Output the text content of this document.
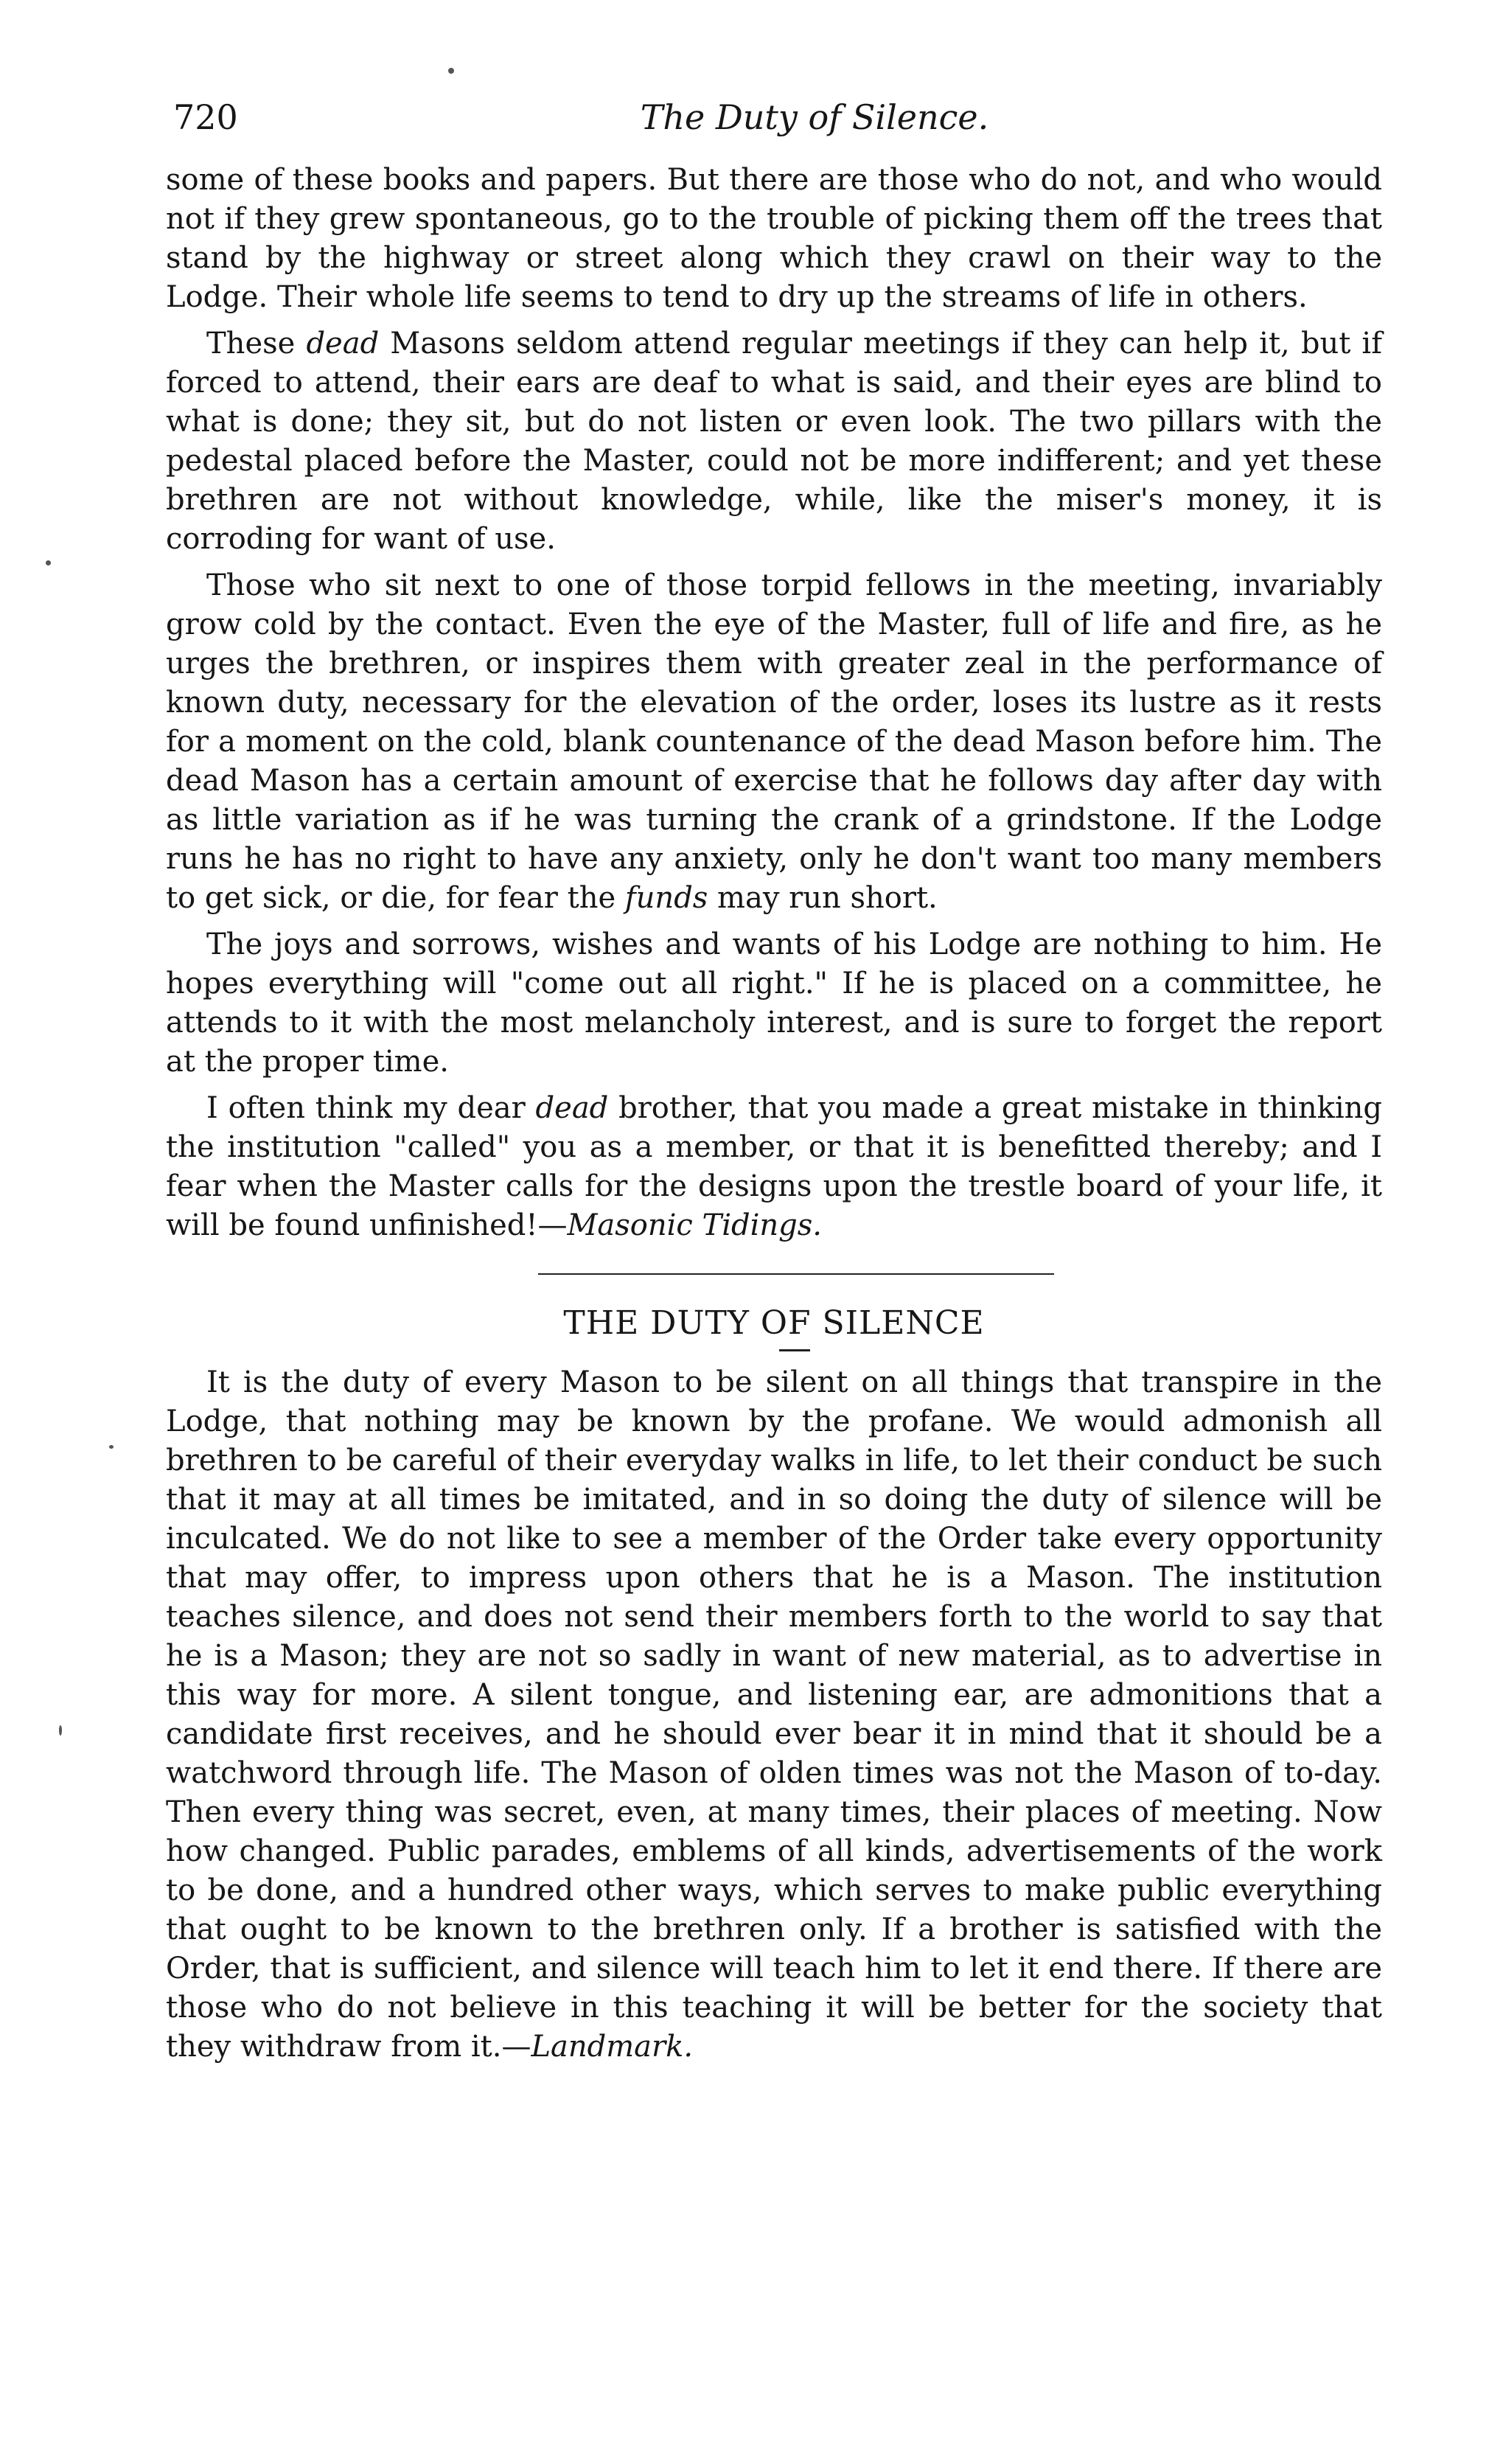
720	The Duty of Silence.

some of these books and papers. But there are those who do not, and who would not if they grew spontaneous, go to the trouble of picking them off the trees that stand by the highway or street along which they crawl on their way to the Lodge. Their whole life seems to tend to dry up the streams of life in others.

These dead Masons seldom attend regular meetings if they can help it, but if forced to attend, their ears are deaf to what is said, and their eyes are blind to what is done; they sit, but do not listen or even look. The two pillars with the pedestal placed before the Master, could not be more indifferent; and yet these brethren are not without knowledge, while, like the miser's money, it is corroding for want of use.

Those who sit next to one of those torpid fellows in the meeting, invariably grow cold by the contact. Even the eye of the Master, full of life and fire, as he urges the brethren, or inspires them with greater zeal in the performance of known duty, necessary for the elevation of the order, loses its lustre as it rests for a moment on the cold, blank countenance of the dead Mason before him. The dead Mason has a certain amount of exercise that he follows day after day with as little variation as if he was turning the crank of a grindstone. If the Lodge runs he has no right to have any anxiety, only he don't want too many members to get sick, or die, for fear the funds may run short.

The joys and sorrows, wishes and wants of his Lodge are nothing to him. He hopes everything will "come out all right." If he is placed on a committee, he attends to it with the most melancholy interest, and is sure to forget the report at the proper time.

I often think my dear dead brother, that you made a great mistake in thinking the institution "called" you as a member, or that it is benefitted thereby; and I fear when the Master calls for the designs upon the trestle board of your life, it will be found unfinished!—Masonic Tidings.

THE DUTY OF SILENCE

It is the duty of every Mason to be silent on all things that transpire in the Lodge, that nothing may be known by the profane. We would admonish all brethren to be careful of their everyday walks in life, to let their conduct be such that it may at all times be imitated, and in so doing the duty of silence will be inculcated. We do not like to see a member of the Order take every opportunity that may offer, to impress upon others that he is a Mason. The institution teaches silence, and does not send their members forth to the world to say that he is a Mason; they are not so sadly in want of new material, as to advertise in this way for more. A silent tongue, and listening ear, are admonitions that a candidate first receives, and he should ever bear it in mind that it should be a watchword through life. The Mason of olden times was not the Mason of to-day. Then every thing was secret, even, at many times, their places of meeting. Now how changed. Public parades, emblems of all kinds, advertisements of the work to be done, and a hundred other ways, which serves to make public everything that ought to be known to the brethren only. If a brother is satisfied with the Order, that is sufficient, and silence will teach him to let it end there. If there are those who do not believe in this teaching it will be better for the society that they withdraw from it.—Landmark.
